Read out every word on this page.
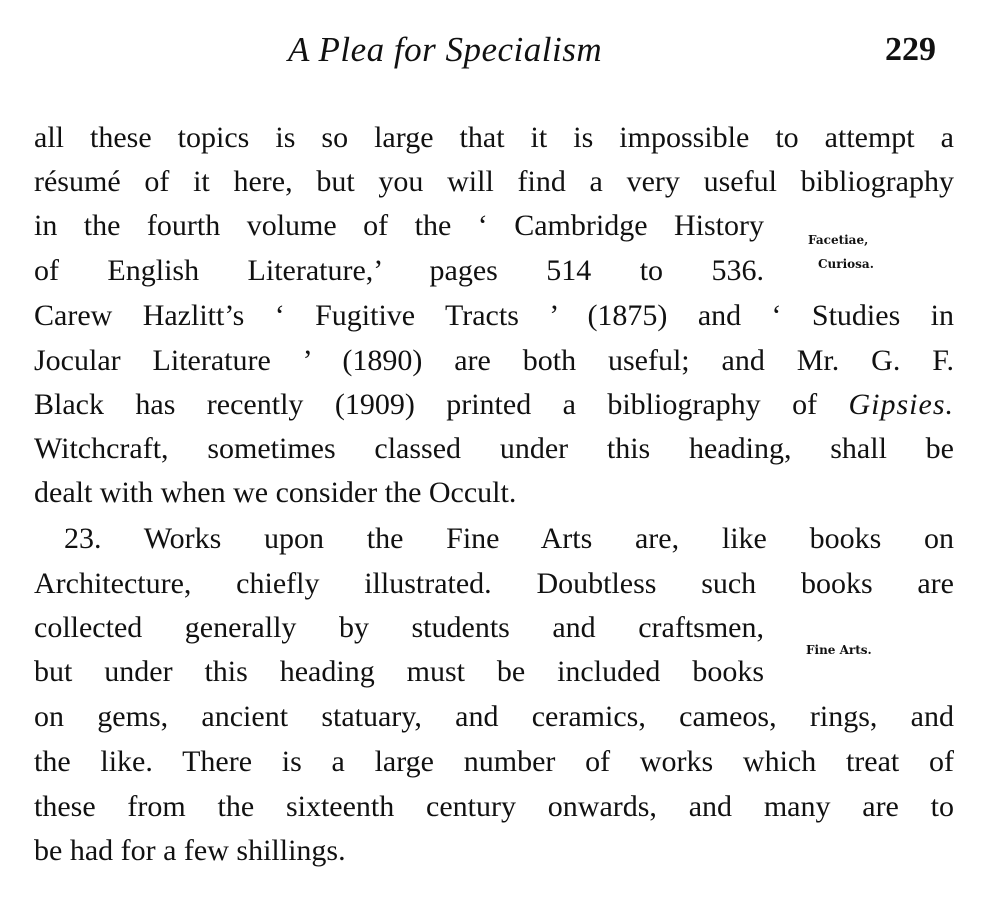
A Plea for Specialism	229

all these topics is so large that it is impossible to attempt a

résumé of it here, but you will find a very useful bibliography

in the fourth volume of the ‘ Cambridge History

of English Literature,’ pages 514 to 536.

Carew Hazlitt’s ‘ Fugitive Tracts ’ (1875) and ‘ Studies in

Jocular Literature ’ (1890) are both useful; and Mr. G. F.

Black has recently (1909) printed a bibliography of Gipsies.

Witchcraft, sometimes classed under this heading, shall be

dealt with when we consider the Occult.

23. Works upon the Fine Arts are, like books on

Architecture, chiefly illustrated. Doubtless such books are

collected generally by students and craftsmen,

but under this heading must be included books

on gems, ancient statuary, and ceramics, cameos, rings, and

the like. There is a large number of works which treat of

these from the sixteenth century onwards, and many are to

be had for a few shillings.

Facetiae,
Curiosa.
Fine Arts.
